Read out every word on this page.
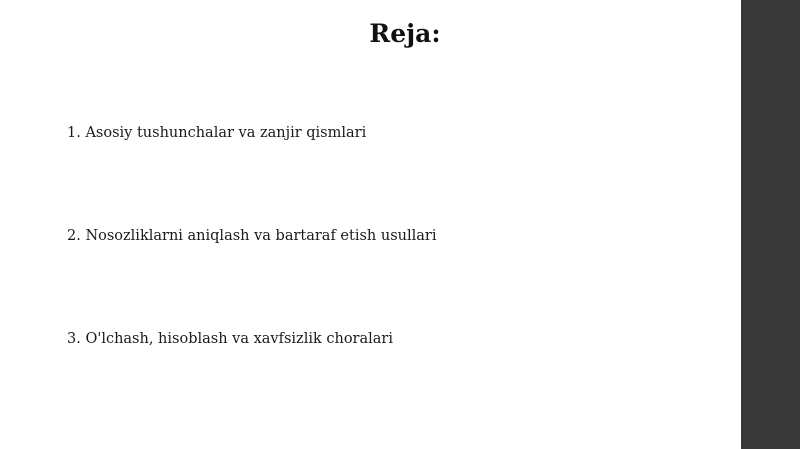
Reja:
1. Asosiy tushunchalar va zanjir qismlari
2. Nosozliklarni aniqlash va bartaraf etish usullari
3. O'lchash, hisoblash va xavfsizlik choralari
